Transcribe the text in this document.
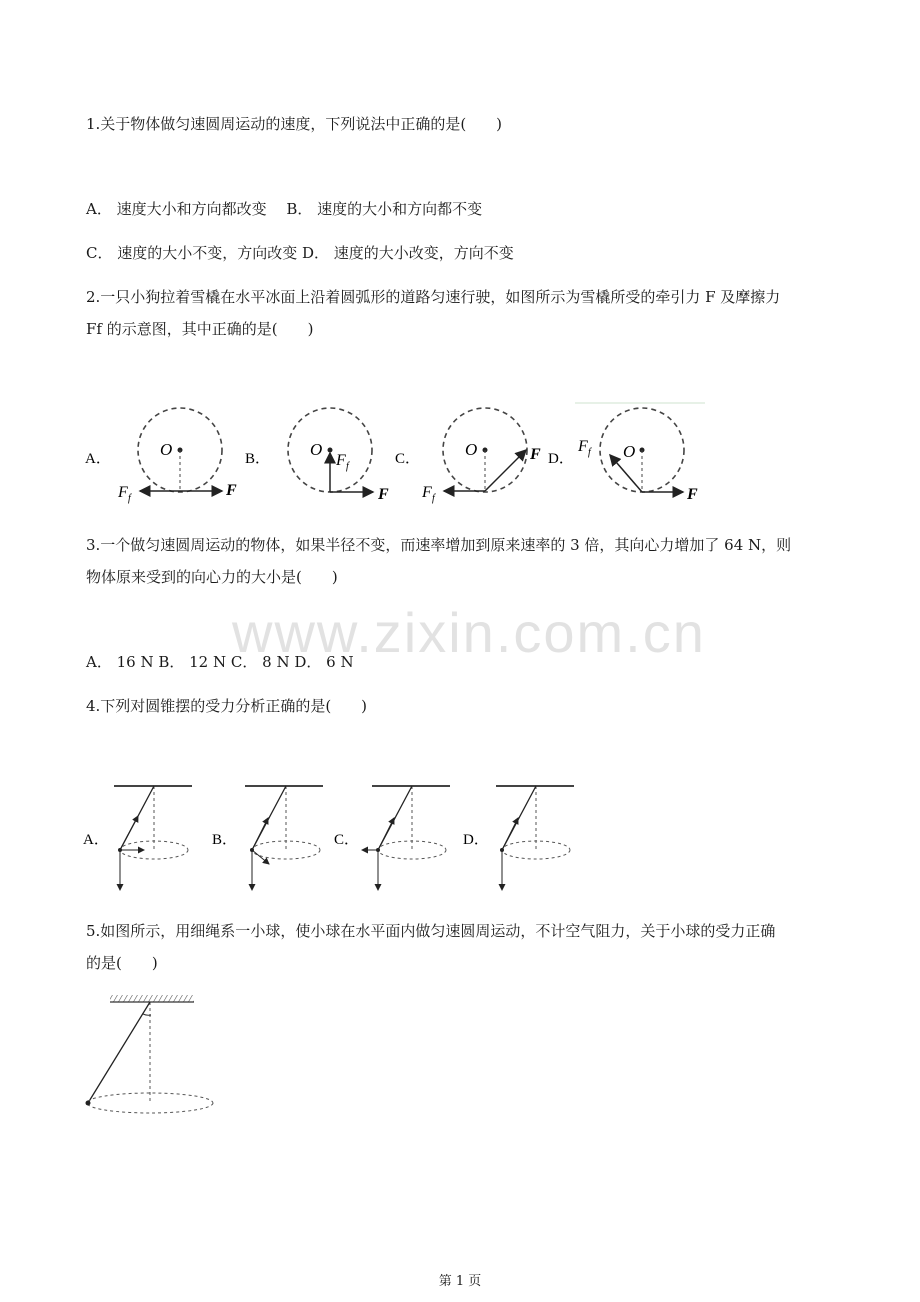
1.关于物体做匀速圆周运动的速度，下列说法中正确的是(　　)
A． 速度大小和方向都改变　 B． 速度的大小和方向都不变
C． 速度的大小不变，方向改变 D． 速度的大小改变，方向不变
2.一只小狗拉着雪橇在水平冰面上沿着圆弧形的道路匀速行驶，如图所示为雪橇所受的牵引力 F 及摩擦力
Ff 的示意图，其中正确的是(　　)
A．	O
F
F f
B． O
F f
F
C．	O	F
F f
D．	O
F f
F
3.一个做匀速圆周运动的物体，如果半径不变，而速率增加到原来速率的 3 倍，其向心力增加了 64 N，则
物体原来受到的向心力的大小是(　　)
www.zixin.com.cn
A． 16 N B． 12 N C． 8 N D． 6 N
4.下列对圆锥摆的受力分析正确的是(　　)
A．	B．	C．	D．
5.如图所示，用细绳系一小球，使小球在水平面内做匀速圆周运动，不计空气阻力，关于小球的受力正确
的是(　　)
第 1 页
